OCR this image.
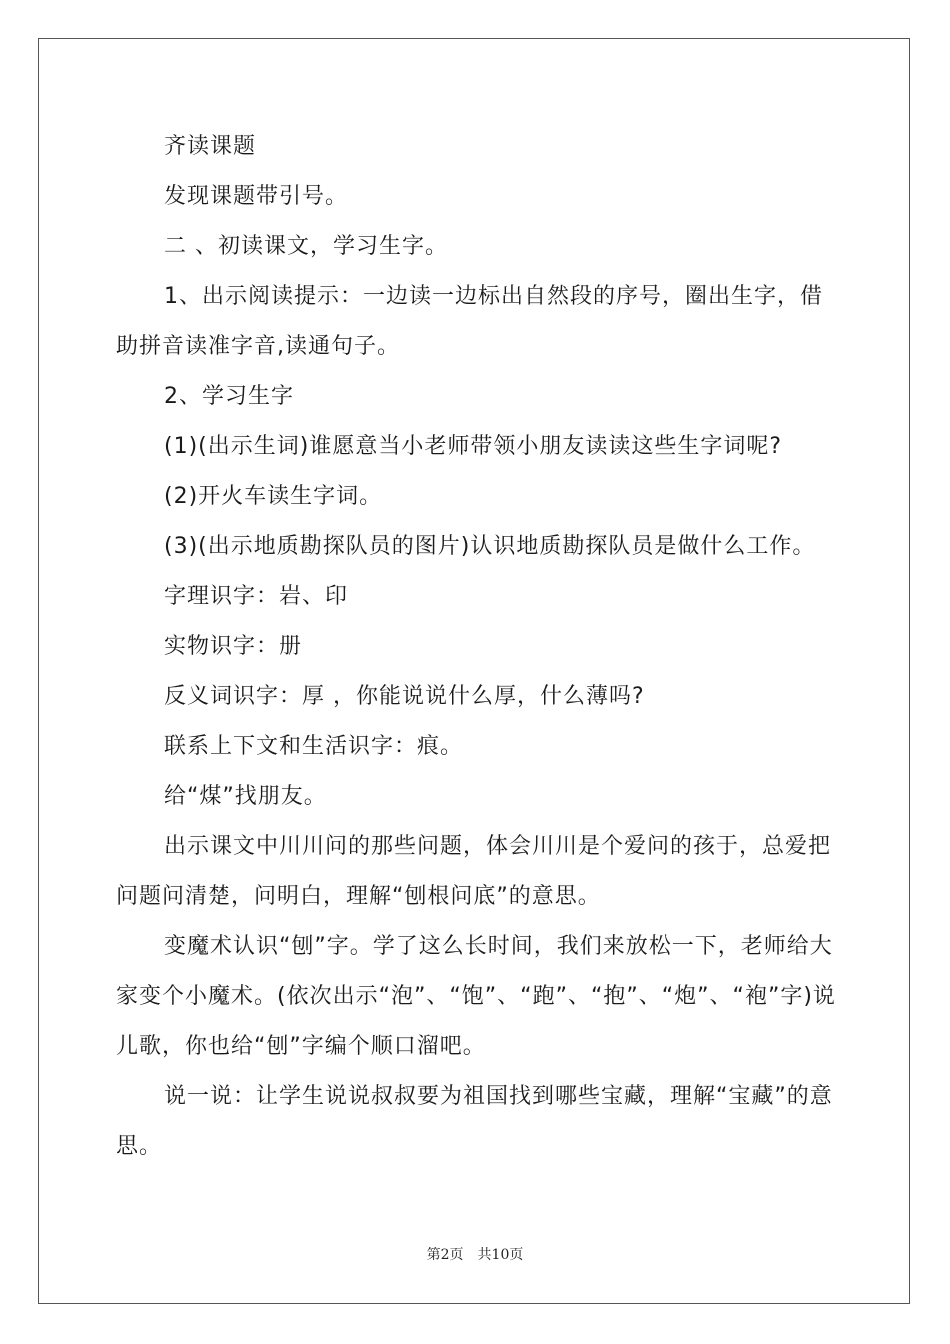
齐读课题

发现课题带引号。

二 、初读课文，学习生字。

1、出示阅读提示：一边读一边标出自然段的序号，圈出生字，借助拼音读准字音,读通句子。

2、学习生字

(1)(出示生词)谁愿意当小老师带领小朋友读读这些生字词呢?

(2)开火车读生字词。

(3)(出示地质勘探队员的图片)认识地质勘探队员是做什么工作。

字理识字：岩、印

实物识字：册

反义词识字：厚 ，你能说说什么厚，什么薄吗?

联系上下文和生活识字：痕。

给“煤”找朋友。

出示课文中川川问的那些问题，体会川川是个爱问的孩于，总爱把问题问清楚，问明白，理解“刨根问底”的意思。

变魔术认识“刨”字。学了这么长时间，我们来放松一下，老师给大家变个小魔术。(依次出示“泡”、“饱”、“跑”、“抱”、“炮”、“袍”字)说儿歌，你也给“刨”字编个顺口溜吧。

说一说：让学生说说叔叔要为祖国找到哪些宝藏，理解“宝藏”的意思。

第2页 共10页
